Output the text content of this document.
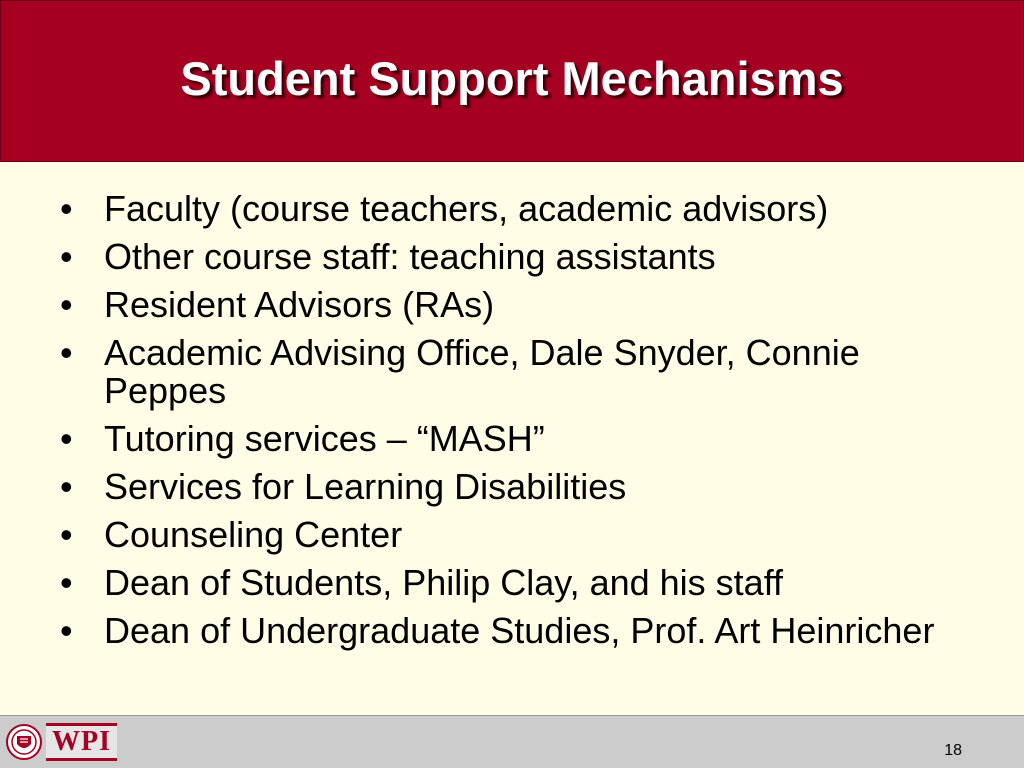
Student Support Mechanisms
• Faculty (course teachers, academic advisors)
• Other course staff: teaching assistants
• Resident Advisors (RAs)
• Academic Advising Office, Dale Snyder, Connie Peppes
• Tutoring services – “MASH”
• Services for Learning Disabilities
• Counseling Center
• Dean of Students, Philip Clay, and his staff
• Dean of Undergraduate Studies, Prof. Art Heinricher
WPI	18
